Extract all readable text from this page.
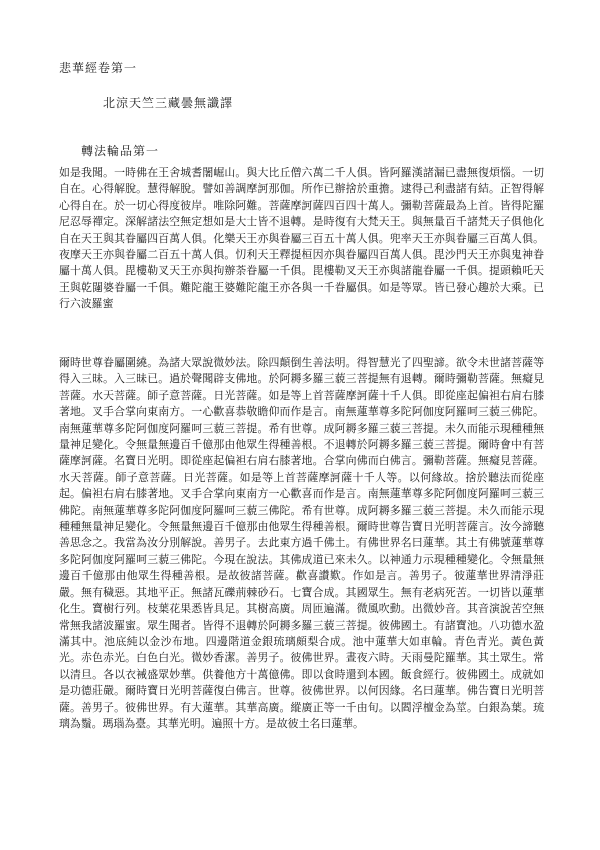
悲華經卷第一
北涼天竺三藏曇無讖譯
轉法輪品第一
如是我聞。一時佛在王舍城耆闍崛山。與大比丘僧六萬二千人俱。皆阿羅漢諸漏已盡無復煩惱。一切自在。心得解脫。慧得解脫。譬如善調摩訶那伽。所作已辦捨於重擔。逮得己利盡諸有結。正智得解心得自在。於一切心得度彼岸。唯除阿難。菩薩摩訶薩四百四十萬人。彌勒菩薩最為上首。皆得陀羅尼忍辱禪定。深解諸法空無定想如是大士皆不退轉。是時復有大梵天王。與無量百千諸梵天子俱他化自在天王與其眷屬四百萬人俱。化樂天王亦與眷屬三百五十萬人俱。兜率天王亦與眷屬三百萬人俱。夜摩天王亦與眷屬二百五十萬人俱。忉利天王釋提桓因亦與眷屬四百萬人俱。毘沙門天王亦與鬼神眷屬十萬人俱。毘樓勒叉天王亦與拘辦荼眷屬一千俱。毘樓勒叉天王亦與諸龍眷屬一千俱。提頭賴吒天王與乾闥婆眷屬一千俱。難陀龍王婆難陀龍王亦各與一千眷屬俱。如是等眾。皆已發心趣於大乘。已行六波羅蜜
爾時世尊眷屬圍繞。為諸大眾說微妙法。除四顛倒生善法明。得智慧光了四聖諦。欲令未世諸菩薩等得入三昧。入三昧已。過於聲聞辟支佛地。於阿耨多羅三藐三菩提無有退轉。爾時彌勒菩薩。無癡見菩薩。水天菩薩。師子意菩薩。日光菩薩。如是等上首菩薩摩訶薩十千人俱。即從座起偏袒右肩右膝著地。叉手合掌向東南方。一心歡喜恭敬瞻仰而作是言。南無蓮華尊多陀阿伽度阿羅呵三藐三佛陀。南無蓮華尊多陀阿伽度阿羅呵三藐三菩提。希有世尊。成阿耨多羅三藐三菩提。未久而能示現種種無量神足變化。令無量無邊百千億那由他眾生得種善根。不退轉於阿耨多羅三藐三菩提。爾時會中有菩薩摩訶薩。名寶日光明。即從座起偏袒右肩右膝著地。合掌向佛而白佛言。彌勒菩薩。無癡見菩薩。水天菩薩。師子意菩薩。日光菩薩。如是等上首菩薩摩訶薩十千人等。以何緣故。捨於聽法而從座起。偏袒右肩右膝著地。叉手合掌向東南方一心歡喜而作是言。南無蓮華尊多陀阿伽度阿羅呵三藐三佛陀。南無蓮華尊多陀阿伽度阿羅呵三藐三佛陀。希有世尊。成阿耨多羅三藐三菩提。未久而能示現種種無量神足變化。令無量無邊百千億那由他眾生得種善根。爾時世尊告寶日光明菩薩言。汝今諦聽善思念之。我當為汝分別解說。善男子。去此東方過千佛土。有佛世界名曰蓮華。其土有佛號蓮華尊多陀阿伽度阿羅呵三藐三佛陀。今現在說法。其佛成道已來未久。以神通力示現種種變化。令無量無邊百千億那由他眾生得種善根。是故彼諸菩薩。歡喜讚歎。作如是言。善男子。彼蓮華世界清淨莊嚴。無有穢惡。其地平正。無諸瓦礫荊棘砂石。七寶合成。其國眾生。無有老病死苦。一切皆以蓮華化生。寶樹行列。枝葉花果悉皆具足。其樹高廣。周匝遍滿。微風吹動。出微妙音。其音演說苦空無常無我諸波羅蜜。眾生聞者。皆得不退轉於阿耨多羅三藐三菩提。彼佛國土。有諸寶池。八功德水盈滿其中。池底純以金沙布地。四邊階道金銀琉璃頗梨合成。池中蓮華大如車輪。青色青光。黃色黃光。赤色赤光。白色白光。微妙香潔。善男子。彼佛世界。晝夜六時。天雨曼陀羅華。其土眾生。常以清旦。各以衣裓盛眾妙華。供養他方十萬億佛。即以食時還到本國。飯食經行。彼佛國土。成就如是功德莊嚴。爾時寶日光明菩薩復白佛言。世尊。彼佛世界。以何因緣。名曰蓮華。佛告寶日光明菩薩。善男子。彼佛世界。有大蓮華。其華高廣。縱廣正等一千由旬。以閻浮檀金為莖。白銀為葉。琉璃為鬚。瑪瑙為臺。其華光明。遍照十方。是故彼土名曰蓮華。
